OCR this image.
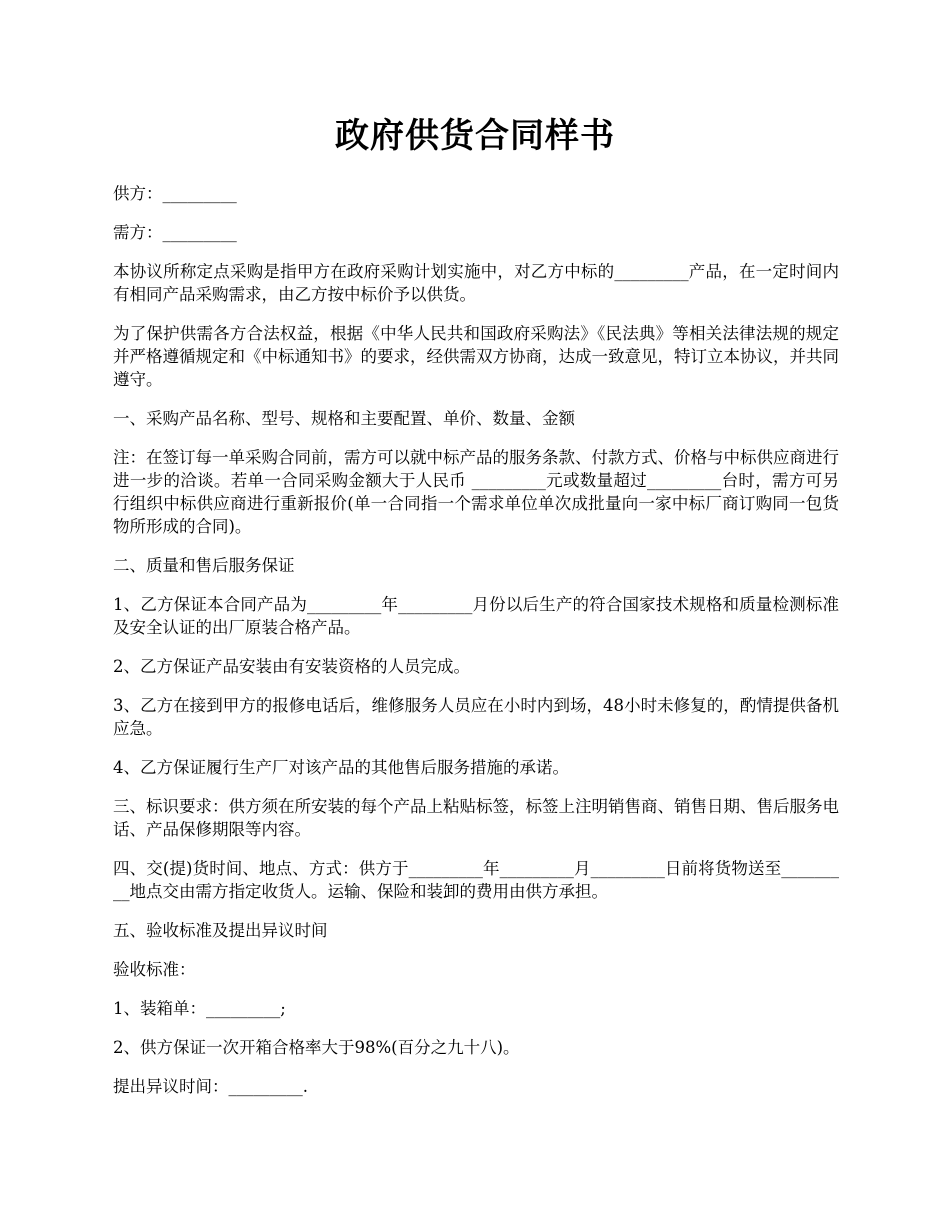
政府供货合同样书

供方：_________

需方：_________

本协议所称定点采购是指甲方在政府采购计划实施中，对乙方中标的_________产品，在一定时间内有相同产品采购需求，由乙方按中标价予以供货。

为了保护供需各方合法权益，根据《中华人民共和国政府采购法》《民法典》等相关法律法规的规定并严格遵循规定和《中标通知书》的要求，经供需双方协商，达成一致意见，特订立本协议，并共同遵守。

一、采购产品名称、型号、规格和主要配置、单价、数量、金额

注：在签订每一单采购合同前，需方可以就中标产品的服务条款、付款方式、价格与中标供应商进行进一步的洽谈。若单一合同采购金额大于人民币 _________元或数量超过_________台时，需方可另行组织中标供应商进行重新报价(单一合同指一个需求单位单次成批量向一家中标厂商订购同一包货物所形成的合同)。

二、质量和售后服务保证

1、乙方保证本合同产品为_________年_________月份以后生产的符合国家技术规格和质量检测标准及安全认证的出厂原装合格产品。

2、乙方保证产品安装由有安装资格的人员完成。

3、乙方在接到甲方的报修电话后，维修服务人员应在小时内到场，48小时未修复的，酌情提供备机应急。

4、乙方保证履行生产厂对该产品的其他售后服务措施的承诺。

三、标识要求：供方须在所安装的每个产品上粘贴标签，标签上注明销售商、销售日期、售后服务电话、产品保修期限等内容。

四、交(提)货时间、地点、方式：供方于_________年_________月_________日前将货物送至_________地点交由需方指定收货人。运输、保险和装卸的费用由供方承担。

五、验收标准及提出异议时间

验收标准：

1、装箱单：_________;

2、供方保证一次开箱合格率大于98%(百分之九十八)。

提出异议时间：_________.
